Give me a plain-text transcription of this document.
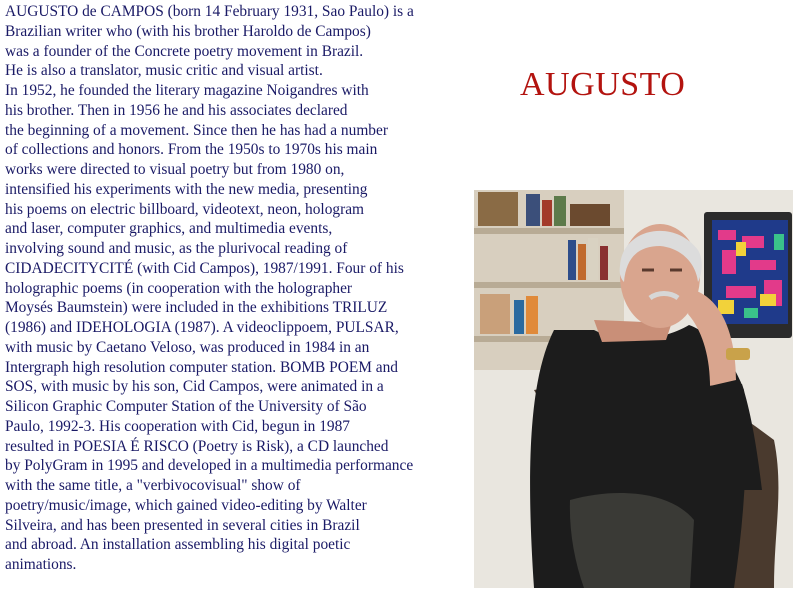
AUGUSTO de CAMPOS (born 14 February 1931, Sao Paulo) is a
Brazilian writer who (with his brother Haroldo de Campos)
was a founder of the Concrete poetry movement in Brazil.
He is also a translator, music critic and visual artist.
In 1952, he founded the literary magazine Noigandres with
his brother. Then in 1956 he and his associates declared
the beginning of a movement. Since then he has had a number
of collections and honors. From the 1950s to 1970s his main
works were directed to visual poetry but from 1980 on,
intensified his experiments with the new media, presenting
his poems on electric billboard, videotext, neon, hologram
and laser, computer graphics, and multimedia events,
involving sound and music, as the plurivocal reading of
CIDADECITYCITÉ (with Cid Campos), 1987/1991. Four of his
holographic poems (in cooperation with the holographer
Moysés Baumstein) were included in the exhibitions TRILUZ
(1986) and IDEHOLOGIA (1987). A videoclippoem, PULSAR,
with music by Caetano Veloso, was produced in 1984 in an
Intergraph high resolution computer station. BOMB POEM and
SOS, with music by his son, Cid Campos, were animated in a
Silicon Graphic Computer Station of the University of São
Paulo, 1992-3. His cooperation with Cid, begun in 1987
resulted in POESIA É RISCO (Poetry is Risk), a CD launched
by PolyGram in 1995 and developed in a multimedia performance
with the same title, a "verbivocovisual" show of
poetry/music/image, which gained video-editing by Walter
Silveira, and has been presented in several cities in Brazil
and abroad. An installation assembling his digital poetic
animations.
AUGUSTO
